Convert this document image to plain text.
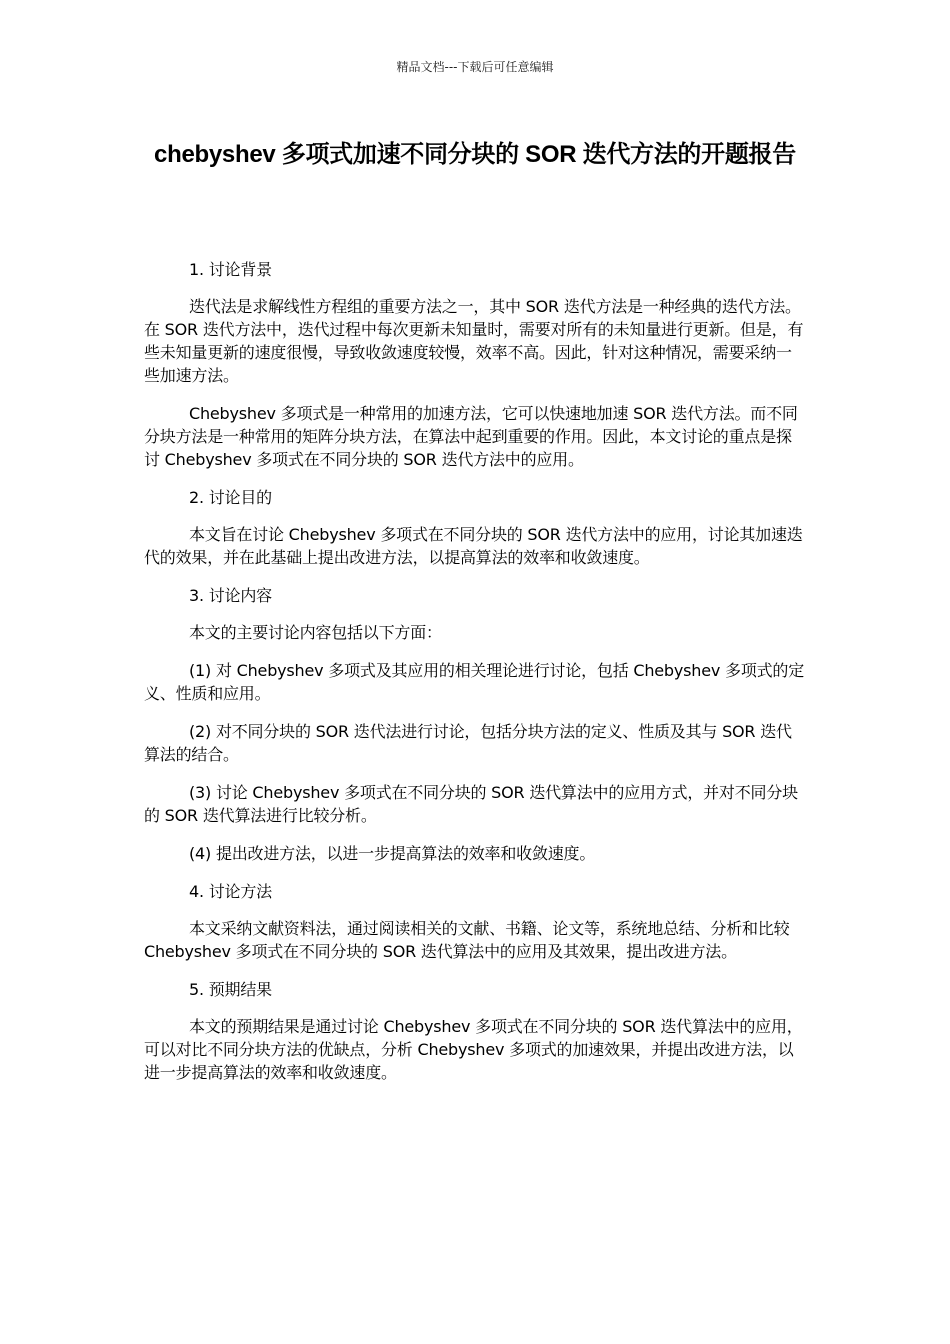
精品文档---下载后可任意编辑
chebyshev 多项式加速不同分块的 SOR 迭代方法的开题报告

1. 讨论背景

迭代法是求解线性方程组的重要方法之一，其中 SOR 迭代方法是一种经典的迭代方法。在 SOR 迭代方法中，迭代过程中每次更新未知量时，需要对所有的未知量进行更新。但是，有些未知量更新的速度很慢，导致收敛速度较慢，效率不高。因此，针对这种情况，需要采纳一些加速方法。

Chebyshev 多项式是一种常用的加速方法，它可以快速地加速 SOR 迭代方法。而不同分块方法是一种常用的矩阵分块方法，在算法中起到重要的作用。因此，本文讨论的重点是探讨 Chebyshev 多项式在不同分块的 SOR 迭代方法中的应用。

2. 讨论目的

本文旨在讨论 Chebyshev 多项式在不同分块的 SOR 迭代方法中的应用，讨论其加速迭代的效果，并在此基础上提出改进方法，以提高算法的效率和收敛速度。

3. 讨论内容

本文的主要讨论内容包括以下方面：

(1) 对 Chebyshev 多项式及其应用的相关理论进行讨论，包括 Chebyshev 多项式的定义、性质和应用。

(2) 对不同分块的 SOR 迭代法进行讨论，包括分块方法的定义、性质及其与 SOR 迭代算法的结合。

(3) 讨论 Chebyshev 多项式在不同分块的 SOR 迭代算法中的应用方式，并对不同分块的 SOR 迭代算法进行比较分析。

(4) 提出改进方法，以进一步提高算法的效率和收敛速度。

4. 讨论方法

本文采纳文献资料法，通过阅读相关的文献、书籍、论文等，系统地总结、分析和比较 Chebyshev 多项式在不同分块的 SOR 迭代算法中的应用及其效果，提出改进方法。

5. 预期结果

本文的预期结果是通过讨论 Chebyshev 多项式在不同分块的 SOR 迭代算法中的应用，可以对比不同分块方法的优缺点，分析 Chebyshev 多项式的加速效果，并提出改进方法，以进一步提高算法的效率和收敛速度。
